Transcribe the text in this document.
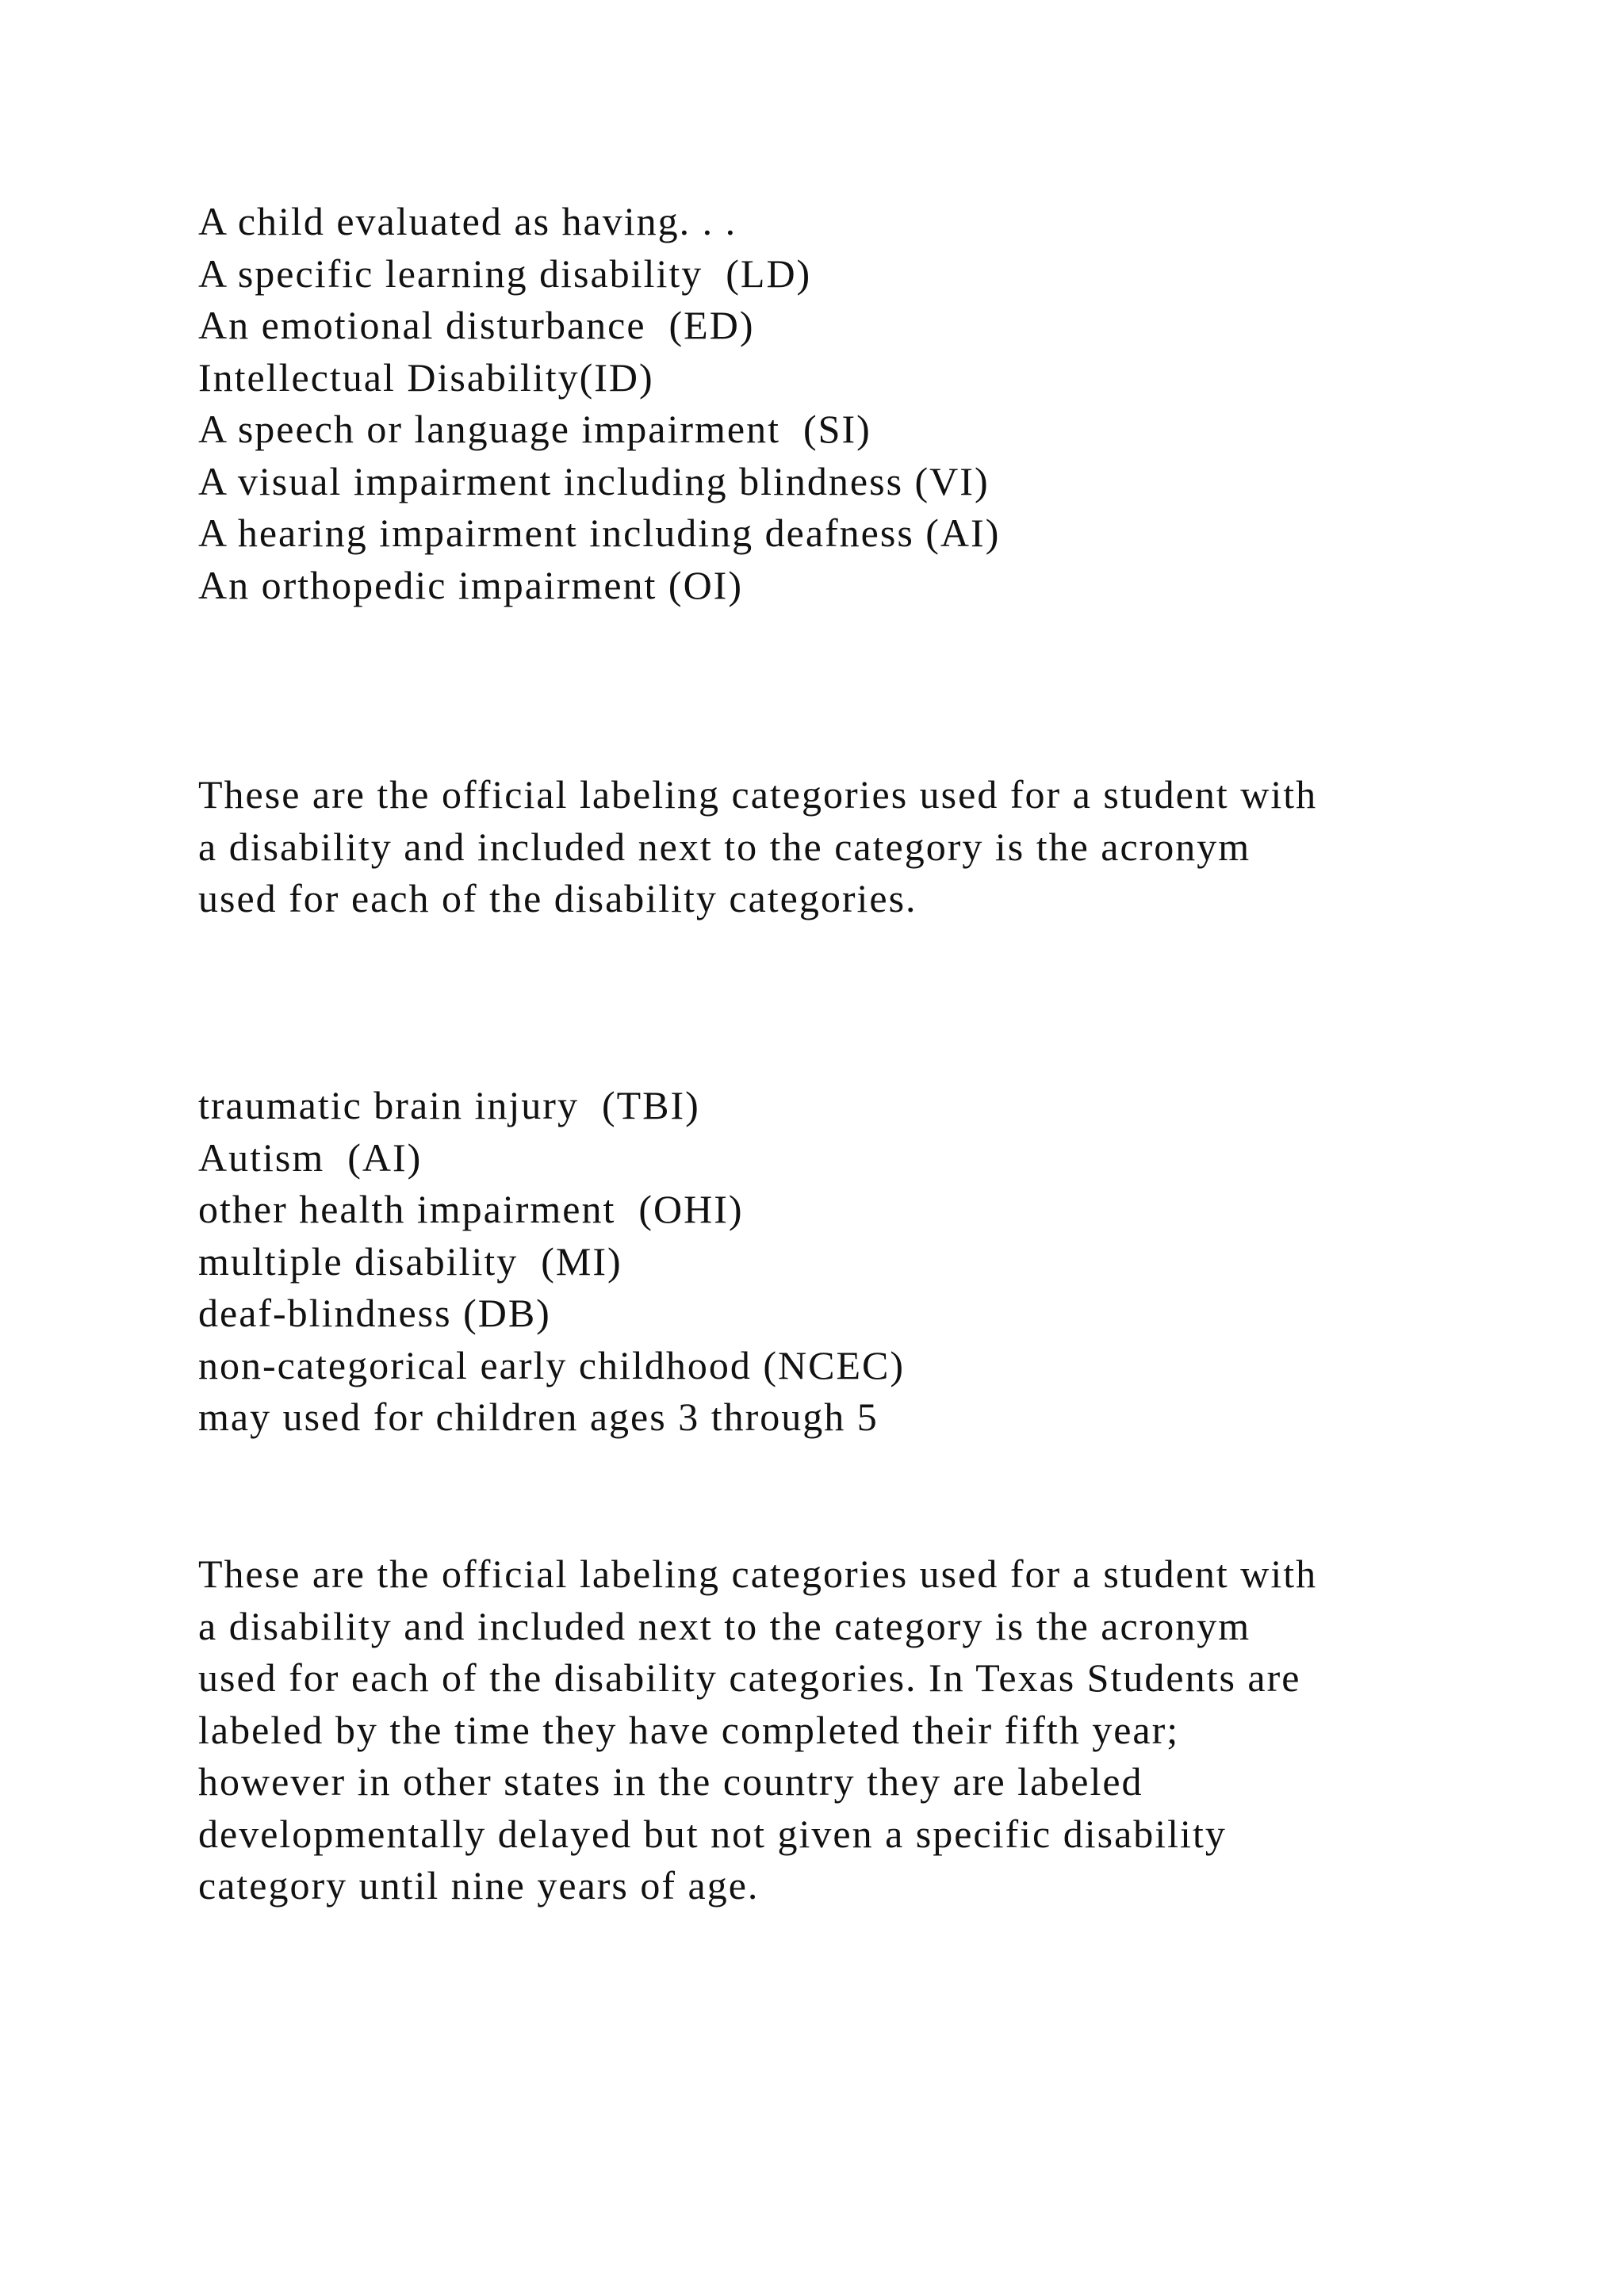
A child evaluated as having. . .
A specific learning disability  (LD)
An emotional disturbance  (ED)
Intellectual Disability(ID)
A speech or language impairment  (SI)
A visual impairment including blindness (VI)
A hearing impairment including deafness (AI)
An orthopedic impairment (OI)
These are the official labeling categories used for a student with
a disability and included next to the category is the acronym
used for each of the disability categories.
traumatic brain injury  (TBI)
Autism  (AI)
other health impairment  (OHI)
multiple disability  (MI)
deaf-blindness (DB)
non-categorical early childhood (NCEC)
may used for children ages 3 through 5
These are the official labeling categories used for a student with
a disability and included next to the category is the acronym
used for each of the disability categories. In Texas Students are
labeled by the time they have completed their fifth year;
however in other states in the country they are labeled
developmentally delayed but not given a specific disability
category until nine years of age.
